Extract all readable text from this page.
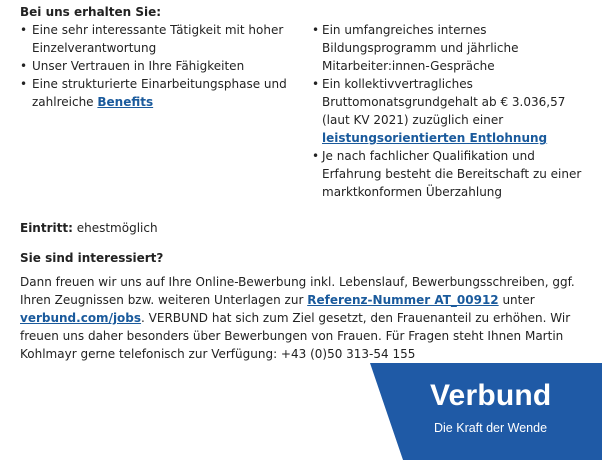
Bei uns erhalten Sie:
• Eine sehr interessante Tätigkeit mit hoher Einzelverantwortung
• Unser Vertrauen in Ihre Fähigkeiten
• Eine strukturierte Einarbeitungsphase und zahlreiche Benefits
• Ein umfangreiches internes Bildungsprogramm und jährliche Mitarbeiter:innen-Gespräche
• Ein kollektivvertragliches Bruttomonatsgrundgehalt ab € 3.036,57 (laut KV 2021) zuzüglich einer leistungsorientierten Entlohnung
• Je nach fachlicher Qualifikation und Erfahrung besteht die Bereitschaft zu einer marktkonformen Überzahlung
Eintritt: ehestmöglich
Sie sind interessiert?
Dann freuen wir uns auf Ihre Online-Bewerbung inkl. Lebenslauf, Bewerbungsschreiben, ggf. Ihren Zeugnissen bzw. weiteren Unterlagen zur Referenz-Nummer AT_00912 unter verbund.com/jobs. VERBUND hat sich zum Ziel gesetzt, den Frauenanteil zu erhöhen. Wir freuen uns daher besonders über Bewerbungen von Frauen. Für Fragen steht Ihnen Martin Kohlmayr gerne telefonisch zur Verfügung: +43 (0)50 313-54 155
Verbund
Die Kraft der Wende
